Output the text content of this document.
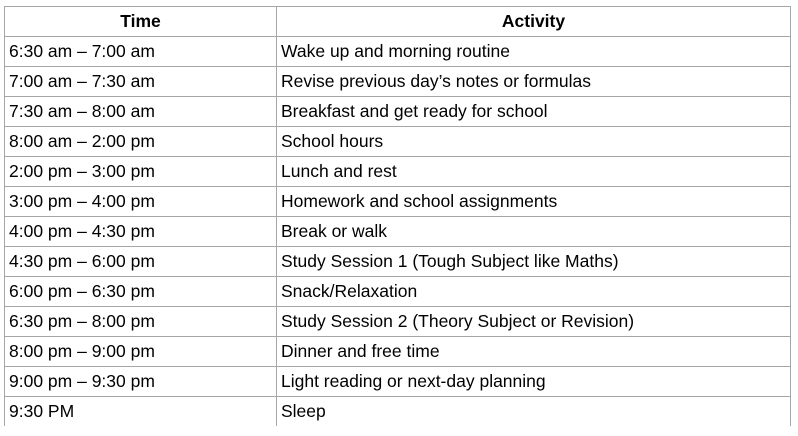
Time	Activity
6:30 am – 7:00 am	Wake up and morning routine
7:00 am – 7:30 am	Revise previous day’s notes or formulas
7:30 am – 8:00 am	Breakfast and get ready for school
8:00 am – 2:00 pm	School hours
2:00 pm – 3:00 pm	Lunch and rest
3:00 pm – 4:00 pm	Homework and school assignments
4:00 pm – 4:30 pm	Break or walk
4:30 pm – 6:00 pm	Study Session 1 (Tough Subject like Maths)
6:00 pm – 6:30 pm	Snack/Relaxation
6:30 pm – 8:00 pm	Study Session 2 (Theory Subject or Revision)
8:00 pm – 9:00 pm	Dinner and free time
9:00 pm – 9:30 pm	Light reading or next-day planning
9:30 PM	Sleep
